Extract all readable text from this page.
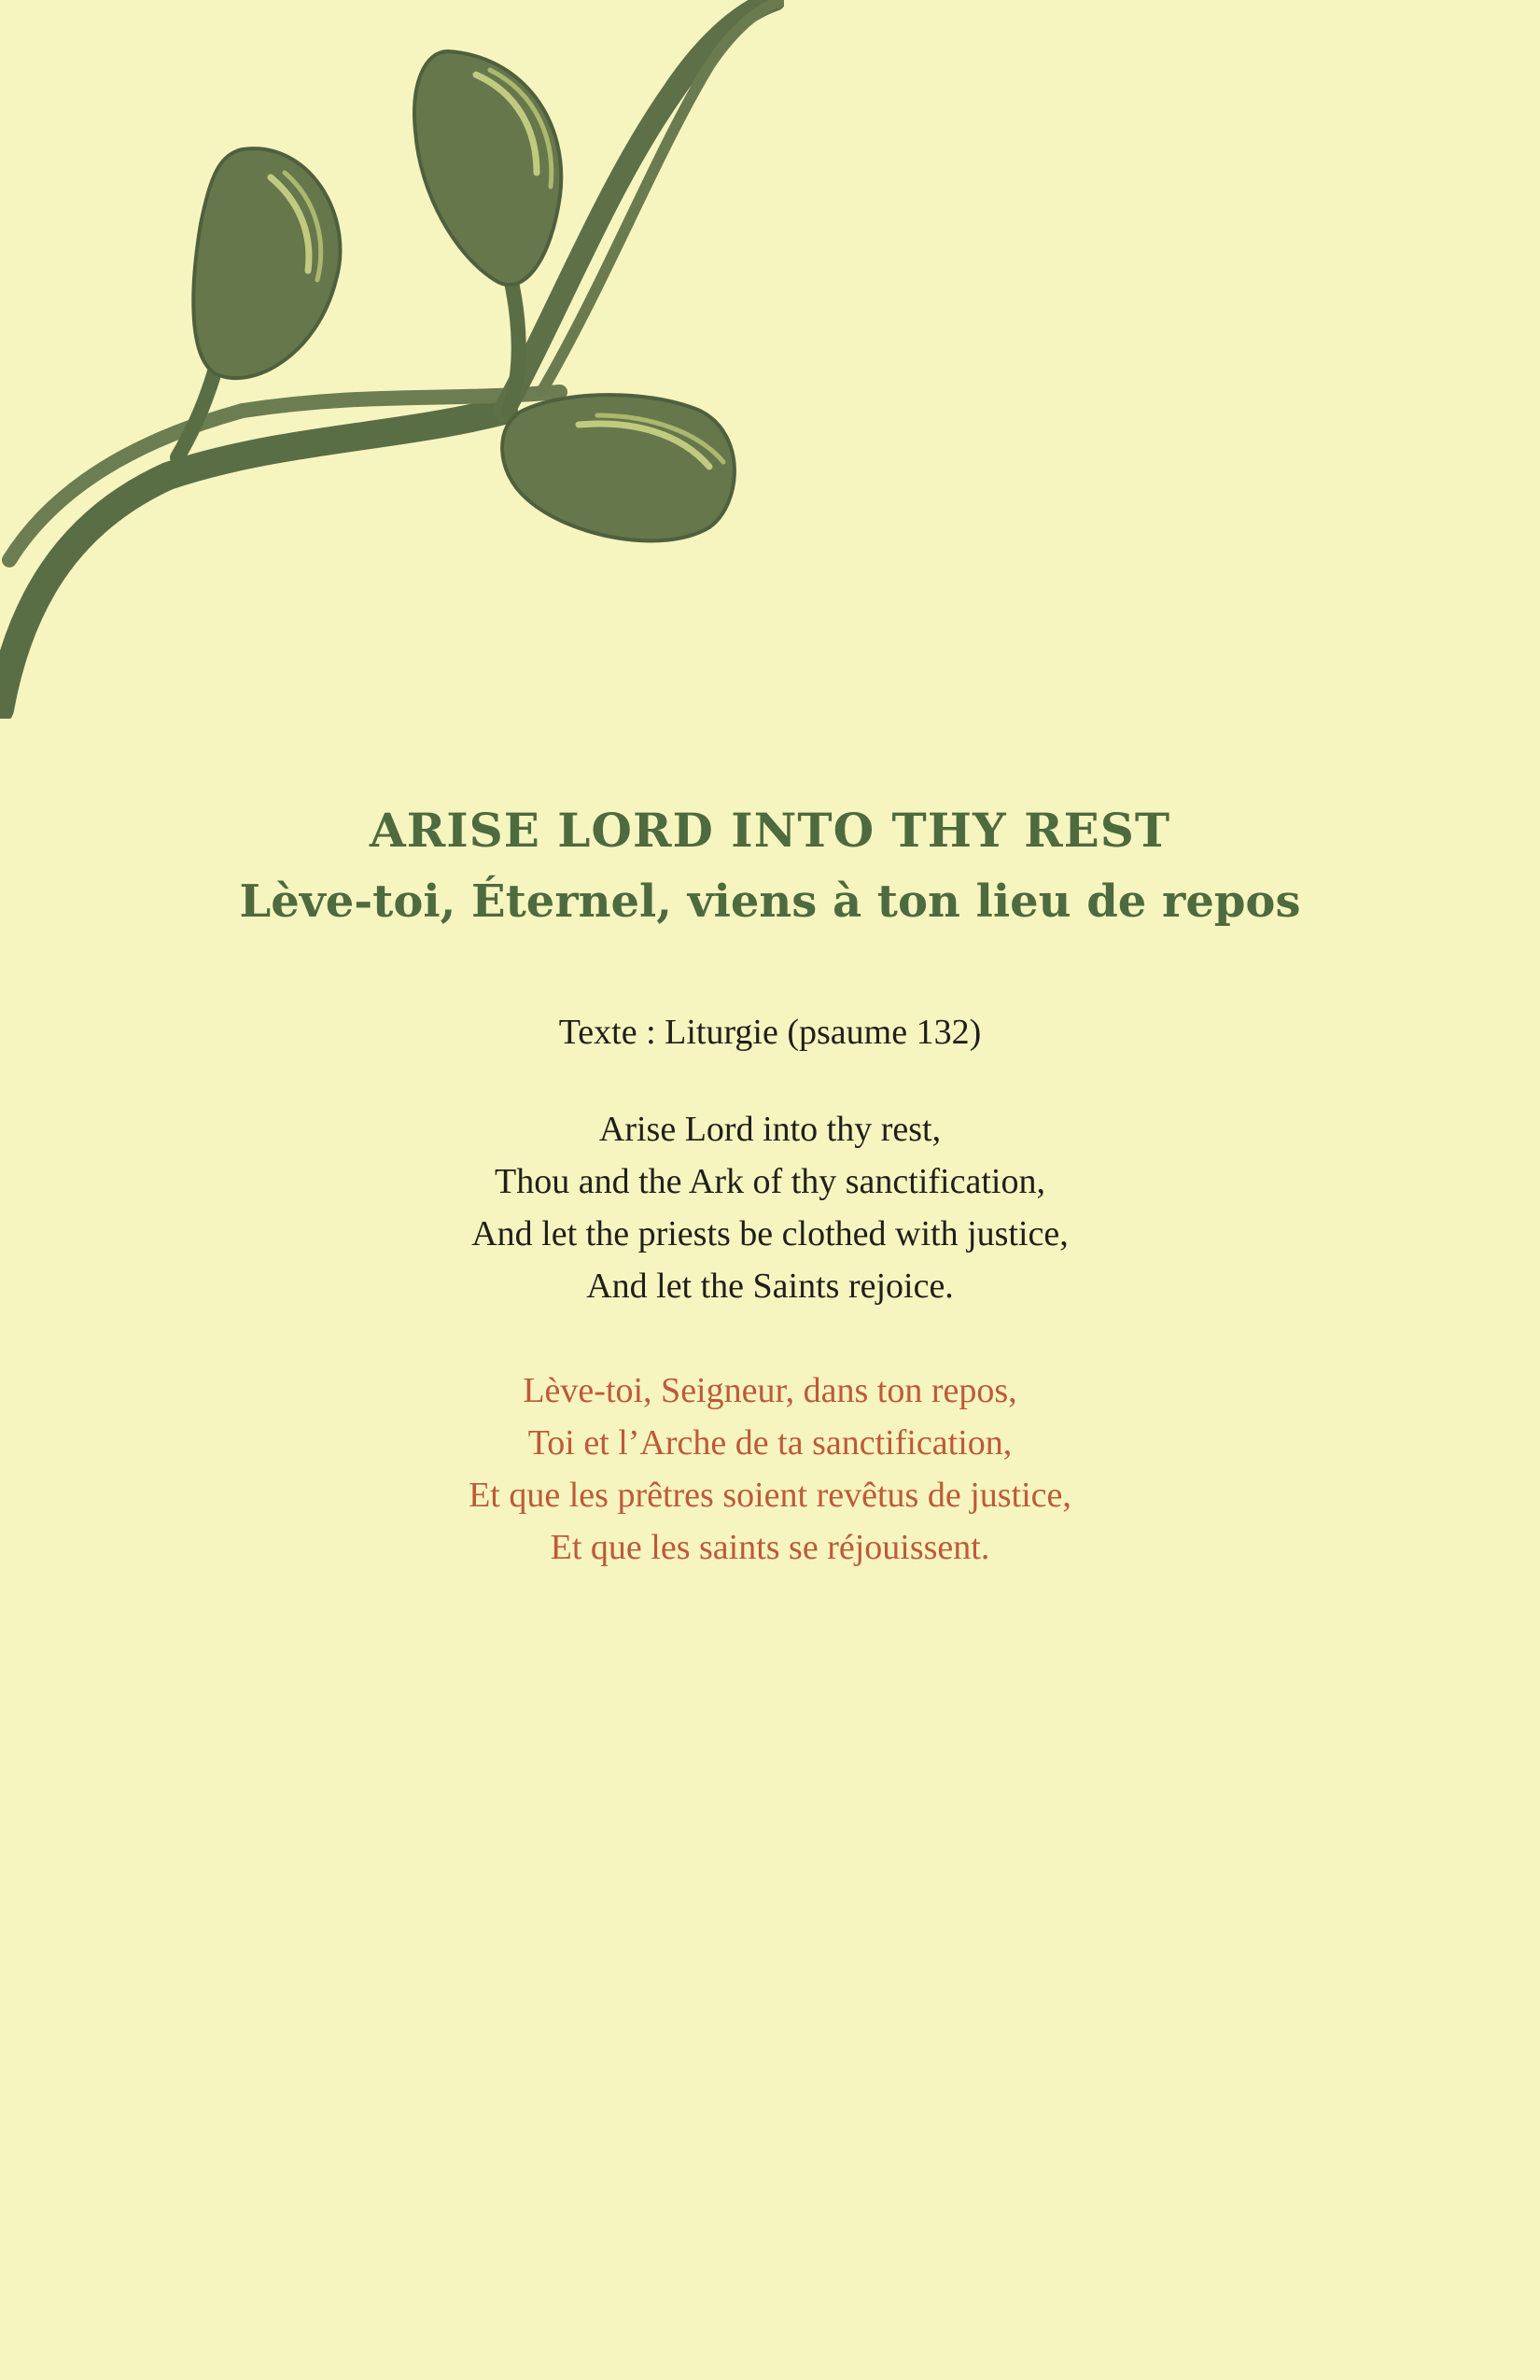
ARISE LORD INTO THY REST
Lève-toi, Éternel, viens à ton lieu de repos

Texte : Liturgie (psaume 132)

Arise Lord into thy rest,
Thou and the Ark of thy sanctification,
And let the priests be clothed with justice,
And let the Saints rejoice.
Lève-toi, Seigneur, dans ton repos,
Toi et l’Arche de ta sanctification,
Et que les prêtres soient revêtus de justice,
Et que les saints se réjouissent.
